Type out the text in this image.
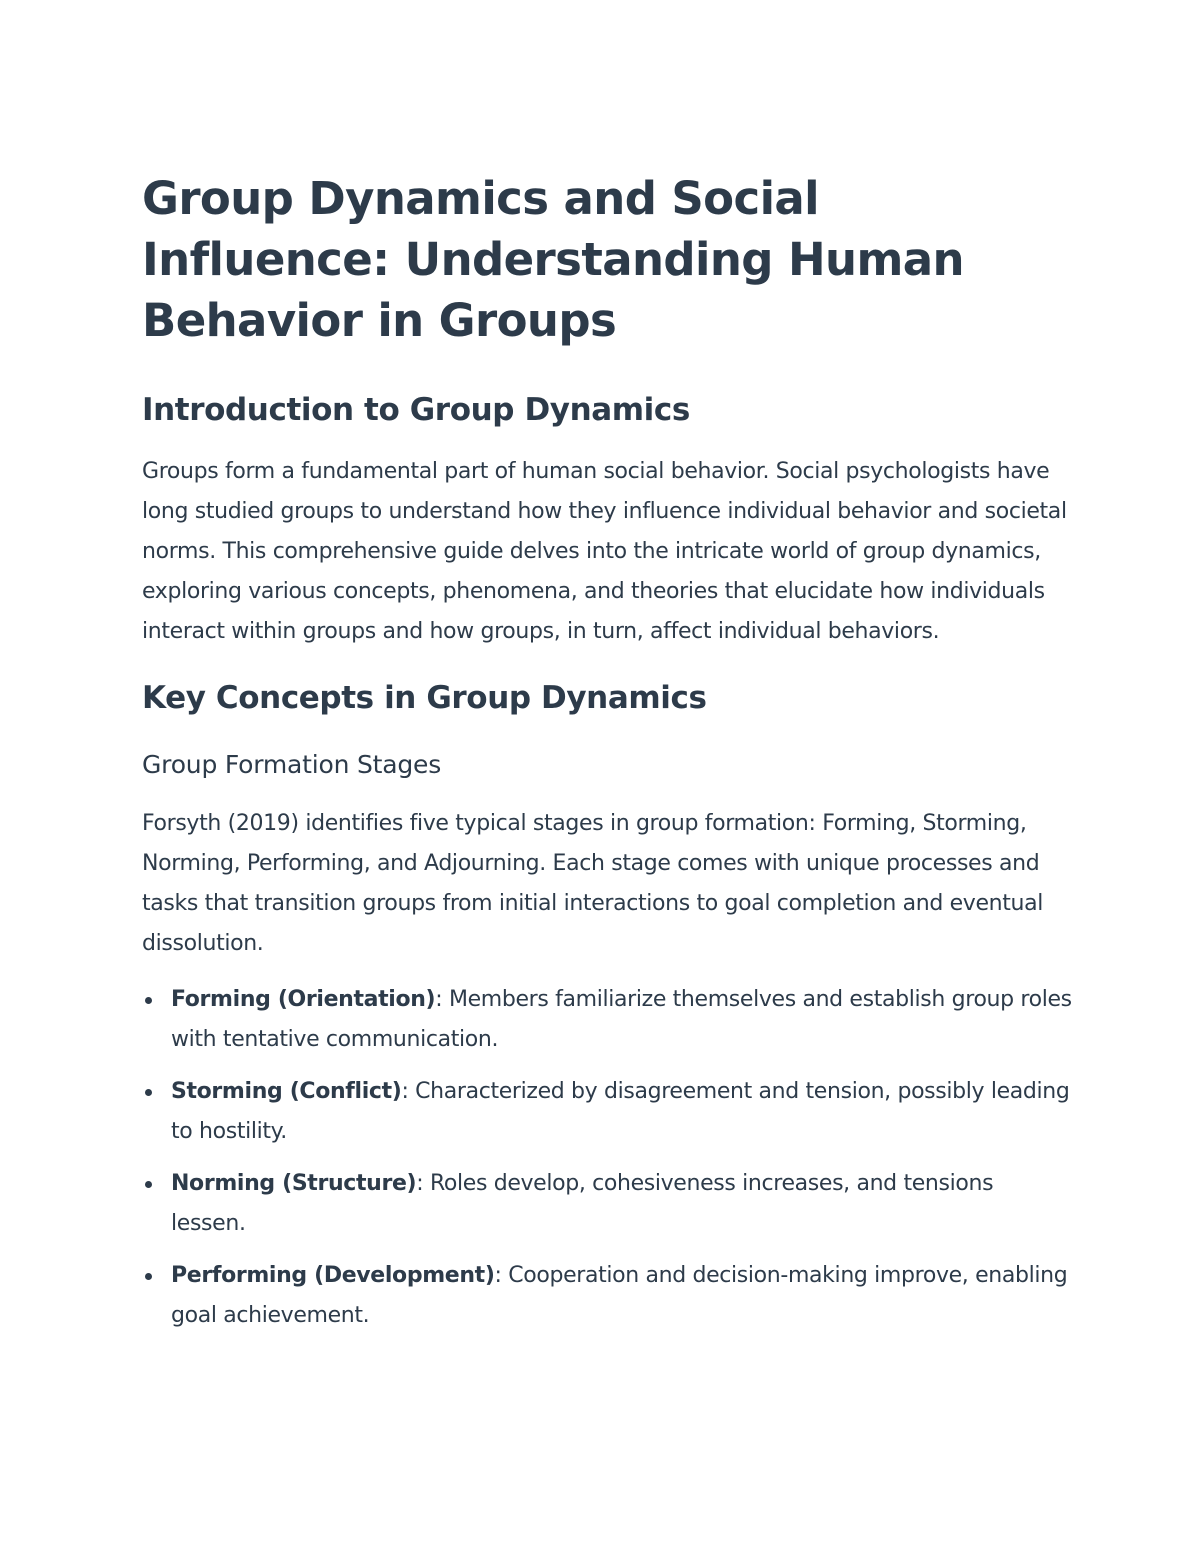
Group Dynamics and Social Influence: Understanding Human Behavior in Groups
Introduction to Group Dynamics

Groups form a fundamental part of human social behavior. Social psychologists have long studied groups to understand how they influence individual behavior and societal norms. This comprehensive guide delves into the intricate world of group dynamics, exploring various concepts, phenomena, and theories that elucidate how individuals interact within groups and how groups, in turn, affect individual behaviors.

Key Concepts in Group Dynamics
Group Formation Stages

Forsyth (2019) identifies five typical stages in group formation: Forming, Storming, Norming, Performing, and Adjourning. Each stage comes with unique processes and tasks that transition groups from initial interactions to goal completion and eventual dissolution.

Forming (Orientation): Members familiarize themselves and establish group roles with tentative communication.
Storming (Conflict): Characterized by disagreement and tension, possibly leading to hostility.
Norming (Structure): Roles develop, cohesiveness increases, and tensions lessen.
Performing (Development): Cooperation and decision-making improve, enabling goal achievement.
